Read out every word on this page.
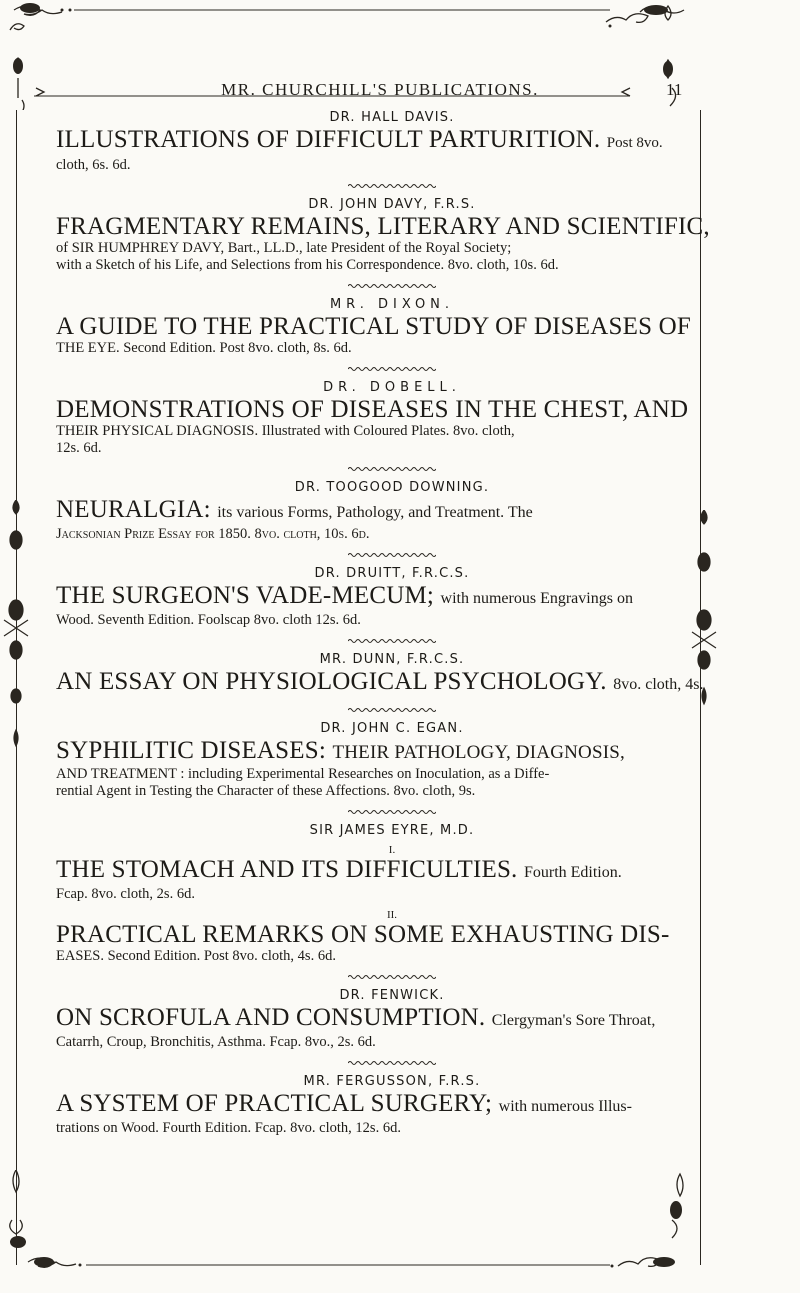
MR. CHURCHILL'S PUBLICATIONS.	11
DR. HALL DAVIS.
ILLUSTRATIONS OF DIFFICULT PARTURITION. Post 8vo.
cloth, 6s. 6d.
DR. JOHN DAVY, F.R.S.
FRAGMENTARY REMAINS, LITERARY AND SCIENTIFIC,
of SIR HUMPHREY DAVY, Bart., LL.D., late President of the Royal Society;
with a Sketch of his Life, and Selections from his Correspondence. 8vo. cloth, 10s. 6d.
MR. DIXON.
A GUIDE TO THE PRACTICAL STUDY OF DISEASES OF
THE EYE. Second Edition. Post 8vo. cloth, 8s. 6d.
DR. DOBELL.
DEMONSTRATIONS OF DISEASES IN THE CHEST, AND
THEIR PHYSICAL DIAGNOSIS. Illustrated with Coloured Plates. 8vo. cloth,
12s. 6d.
DR. TOOGOOD DOWNING.
NEURALGIA: its various Forms, Pathology, and Treatment. The
Jacksonian Prize Essay for 1850. 8vo. cloth, 10s. 6d.
DR. DRUITT, F.R.C.S.
THE SURGEON'S VADE-MECUM; with numerous Engravings on
Wood. Seventh Edition. Foolscap 8vo. cloth 12s. 6d.
MR. DUNN, F.R.C.S.
AN ESSAY ON PHYSIOLOGICAL PSYCHOLOGY. 8vo. cloth, 4s.
DR. JOHN C. EGAN.
SYPHILITIC DISEASES: THEIR PATHOLOGY, DIAGNOSIS,
AND TREATMENT : including Experimental Researches on Inoculation, as a Diffe-
rential Agent in Testing the Character of these Affections. 8vo. cloth, 9s.
SIR JAMES EYRE, M.D.
I.
THE STOMACH AND ITS DIFFICULTIES. Fourth Edition.
Fcap. 8vo. cloth, 2s. 6d.
II.
PRACTICAL REMARKS ON SOME EXHAUSTING DIS-
EASES. Second Edition. Post 8vo. cloth, 4s. 6d.
DR. FENWICK.
ON SCROFULA AND CONSUMPTION. Clergyman's Sore Throat,
Catarrh, Croup, Bronchitis, Asthma. Fcap. 8vo., 2s. 6d.
MR. FERGUSSON, F.R.S.
A SYSTEM OF PRACTICAL SURGERY; with numerous Illus-
trations on Wood. Fourth Edition. Fcap. 8vo. cloth, 12s. 6d.
